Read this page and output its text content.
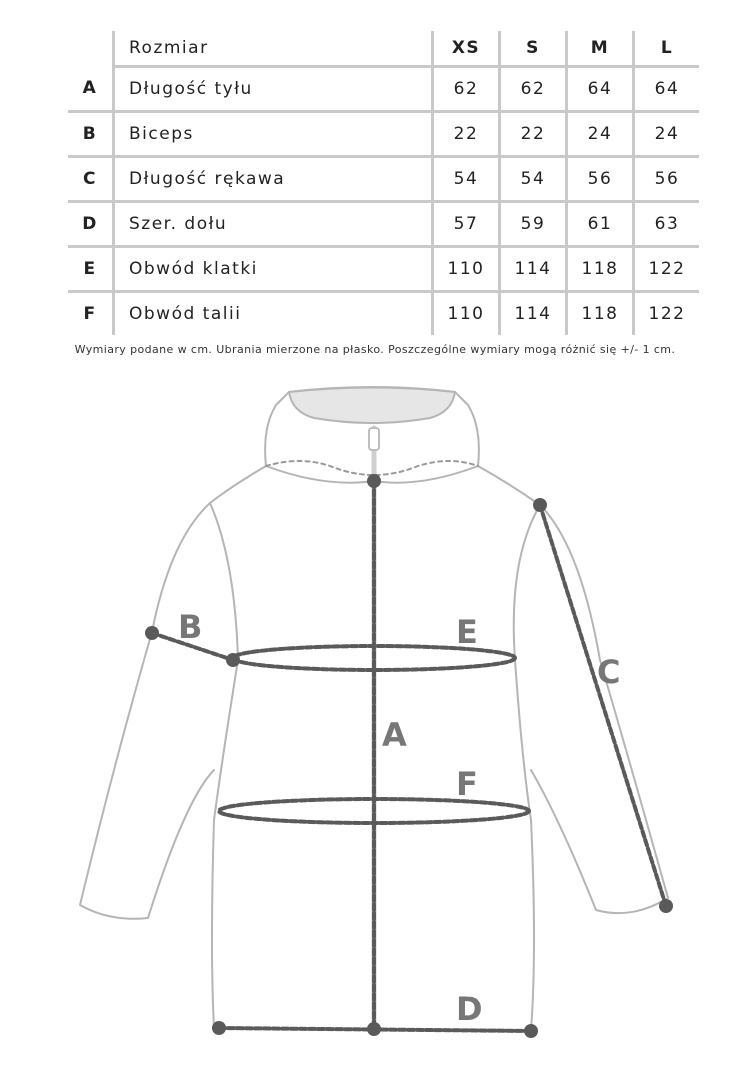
	Rozmiar	XS	S	M	L
A	Długość tyłu	62	62	64	64
B	Biceps	22	22	24	24
C	Długość rękawa	54	54	56	56
D	Szer. dołu	57	59	61	63
E	Obwód klatki	110	114	118	122
F	Obwód talii	110	114	118	122
Wymiary podane w cm. Ubrania mierzone na płasko. Poszczególne wymiary mogą różnić się +/- 1 cm.
A
B
C
D
E
F
